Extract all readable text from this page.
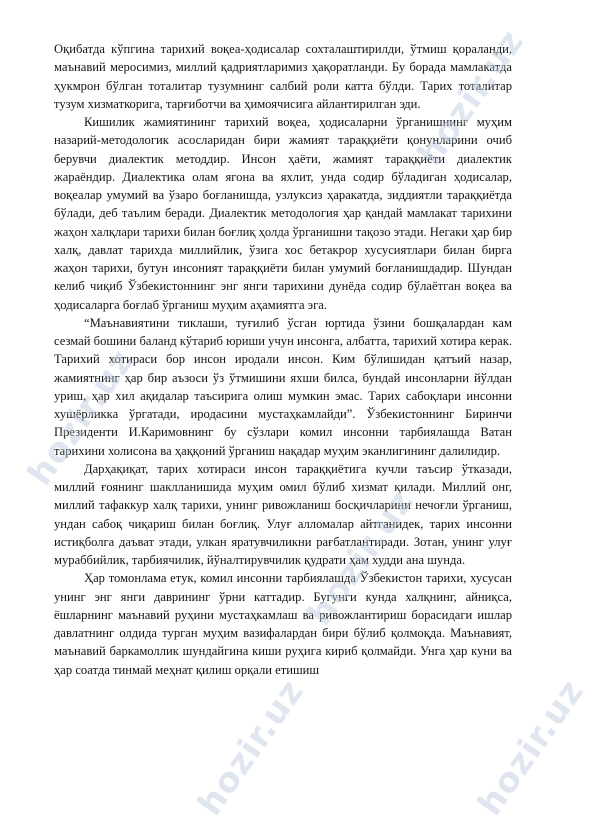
Оқибатда кўпгина тарихий воқеа-ҳодисалар сохталаштирилди, ўтмиш қораланди, маънавий меросимиз, миллий қадриятларимиз ҳақоратланди. Бу борада мамлакатда ҳукмрон бўлган тоталитар тузумнинг салбий роли катта бўлди. Тарих тоталитар тузум хизматкорига, тарғиботчи ва ҳимоячисига айлантирилган эди.

Кишилик жамиятининг тарихий воқеа, ҳодисаларни ўрганишнинг муҳим назарий-методологик асосларидан бири жамият тараққиёти қонунларини очиб берувчи диалектик методдир. Инсон ҳаёти, жамият тараққиёти диалектик жараёндир. Диалектика олам ягона ва яхлит, унда содир бўладиган ҳодисалар, воқеалар умумий ва ўзаро боғланишда, узлуксиз ҳаракатда, зиддиятли тараққиётда бўлади, деб таълим беради. Диалектик методология ҳар қандай мамлакат тарихини жаҳон халқлари тарихи билан боғлиқ ҳолда ўрганишни тақозо этади. Негаки ҳар бир халқ, давлат тарихда миллийлик, ўзига хос бетакрор хусусиятлари билан бирга жаҳон тарихи, бутун инсоният тараққиёти билан умумий боғланишдадир. Шундан келиб чиқиб Ўзбекистоннинг энг янги тарихини дунёда содир бўлаётган воқеа ва ҳодисаларга боғлаб ўрганиш муҳим аҳамиятга эга.

“Маънавиятини тиклаши, туғилиб ўсган юртида ўзини бошқалардан кам сезмай бошини баланд кўтариб юриши учун инсонга, албатта, тарихий хотира керак. Тарихий хотираси бор инсон иродали инсон. Ким бўлишидан қатъий назар, жамиятнинг ҳар бир аъзоси ўз ўтмишини яхши билса, бундай инсонларни йўлдан уриш, ҳар хил ақидалар таъсирига олиш мумкин эмас. Тарих сабоқлари инсонни хушёрликка ўргатади, иродасини мустаҳкамлайди”. Ўзбекистоннинг Биринчи Президенти И.Каримовнинг бу сўзлари комил инсонни тарбиялашда Ватан тарихини холисона ва ҳаққоний ўрганиш нақадар муҳим эканлигининг далилидир.

Дарҳақиқат, тарих хотираси инсон тараққиётига кучли таъсир ўтказади, миллий ғоянинг шаклланишида муҳим омил бўлиб хизмат қилади. Миллий онг, миллий тафаккур халқ тарихи, унинг ривожланиш босқичларини нечоғли ўрганиш, ундан сабоқ чиқариш билан боғлиқ. Улуғ алломалар айтганидек, тарих инсонни истиқболга даъват этади, улкан яратувчиликни рағбатлантиради. Зотан, унинг улуғ мураббийлик, тарбиячилик, йўналтирувчилик қудрати ҳам худди ана шунда.

Ҳар томонлама етук, комил инсонни тарбиялашда Ўзбекистон тарихи, хусусан унинг энг янги даврининг ўрни каттадир. Бугунги кунда халқнинг, айниқса, ёшларнинг маънавий руҳини мустаҳкамлаш ва ривожлантириш борасидаги ишлар давлатнинг олдида турган муҳим вазифалардан бири бўлиб қолмоқда. Маънавият, маънавий баркамоллик шундайгина киши руҳига кириб қолмайди. Унга ҳар куни ва ҳар соатда тинмай меҳнат қилиш орқали етишиш

hozir.uz
hozir.uz
hozir.uz
hozir.uz	hozir.uz
